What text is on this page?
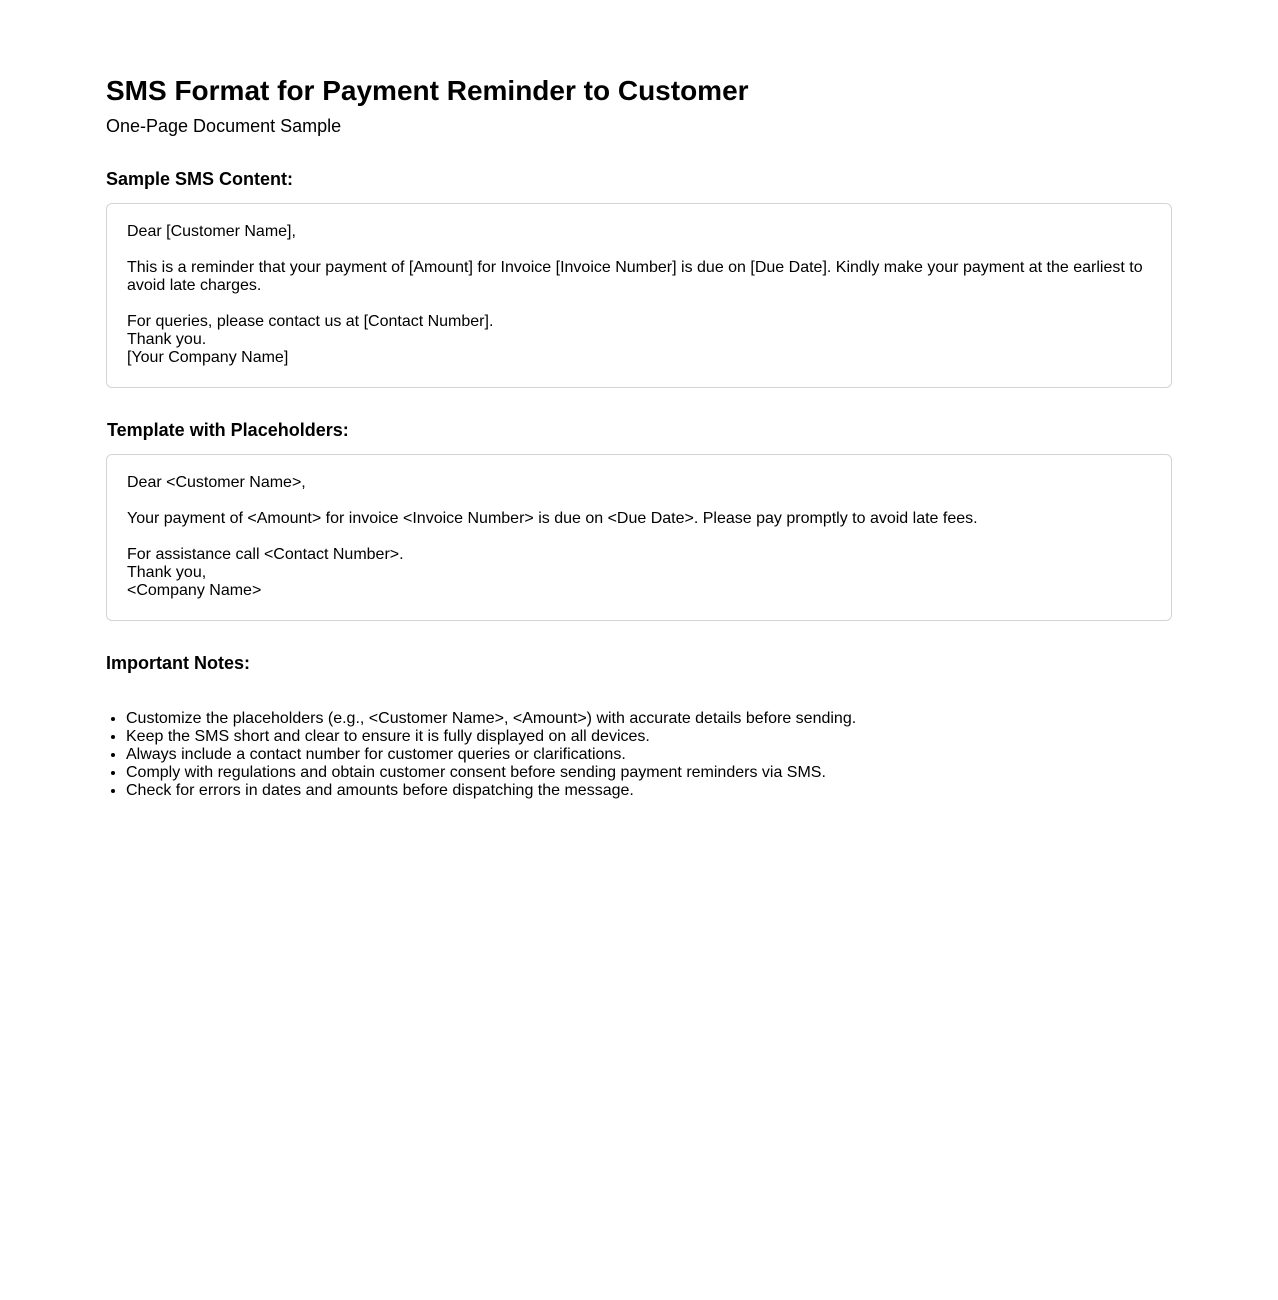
SMS Format for Payment Reminder to Customer
One-Page Document Sample
Sample SMS Content:

Dear [Customer Name],

This is a reminder that your payment of [Amount] for Invoice [Invoice Number] is due on [Due Date]. Kindly make your payment at the earliest to avoid late charges.

For queries, please contact us at [Contact Number].
Thank you.
[Your Company Name]

Template with Placeholders:

Dear <Customer Name>,

Your payment of <Amount> for invoice <Invoice Number> is due on <Due Date>. Please pay promptly to avoid late fees.

For assistance call <Contact Number>.
Thank you,
<Company Name>

Important Notes:
• Customize the placeholders (e.g., <Customer Name>, <Amount>) with accurate details before sending.
• Keep the SMS short and clear to ensure it is fully displayed on all devices.
• Always include a contact number for customer queries or clarifications.
• Comply with regulations and obtain customer consent before sending payment reminders via SMS.
• Check for errors in dates and amounts before dispatching the message.
